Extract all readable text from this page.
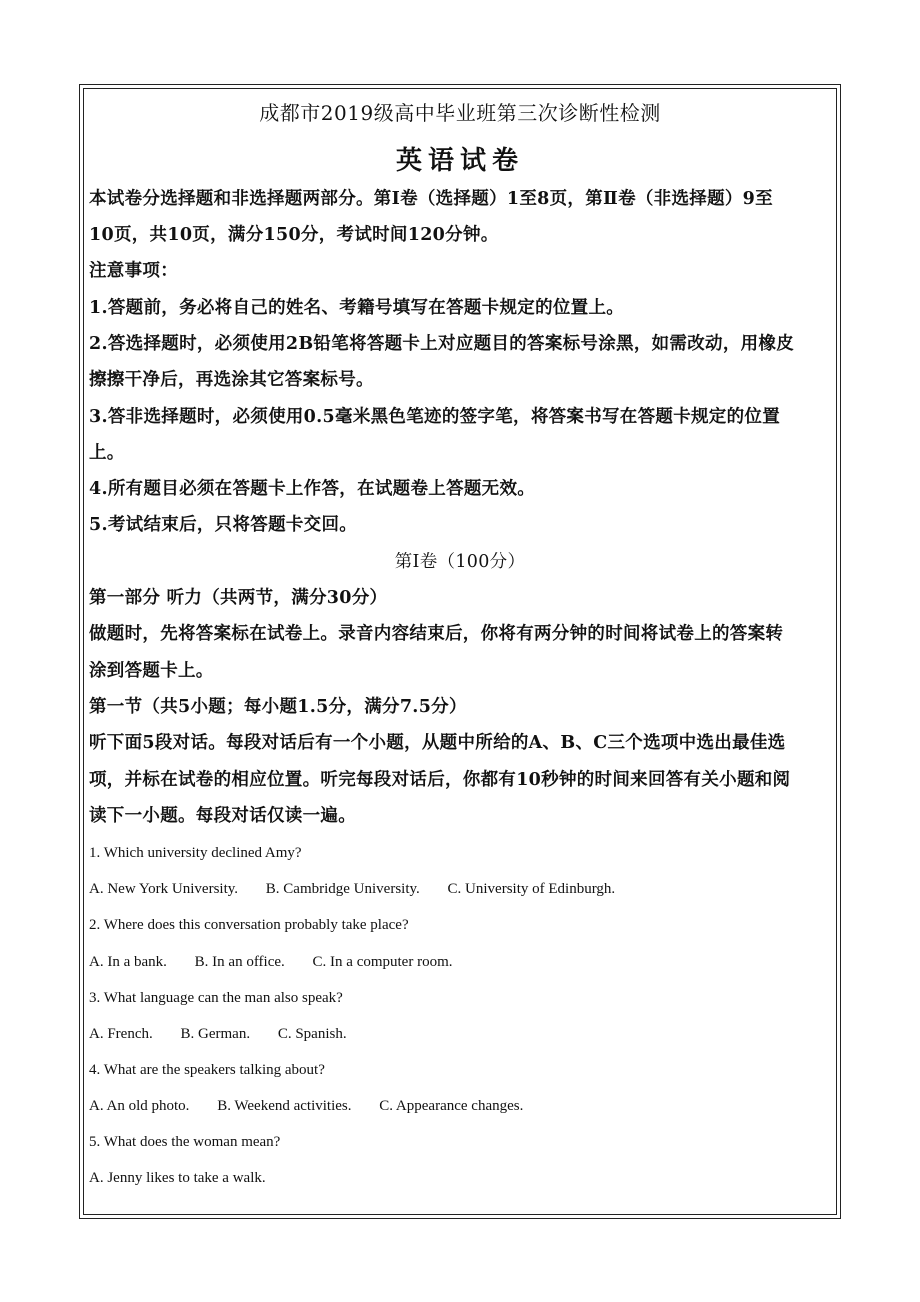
成都市2019级高中毕业班第三次诊断性检测
英语试卷
本试卷分选择题和非选择题两部分。第Ⅰ卷（选择题）1至8页，第Ⅱ卷（非选择题）9至
10页，共10页，满分150分，考试时间120分钟。
注意事项：
1.答题前，务必将自己的姓名、考籍号填写在答题卡规定的位置上。
2.答选择题时，必须使用2B铅笔将答题卡上对应题目的答案标号涂黑，如需改动，用橡皮
擦擦干净后，再选涂其它答案标号。
3.答非选择题时，必须使用0.5毫米黑色笔迹的签字笔，将答案书写在答题卡规定的位置
上。
4.所有题目必须在答题卡上作答，在试题卷上答题无效。
5.考试结束后，只将答题卡交回。
第Ⅰ卷（100分）
第一部分 听力（共两节，满分30分）
做题时，先将答案标在试卷上。录音内容结束后，你将有两分钟的时间将试卷上的答案转
涂到答题卡上。
第一节（共5小题；每小题1.5分，满分7.5分）
听下面5段对话。每段对话后有一个小题，从题中所给的A、B、C三个选项中选出最佳选
项，并标在试卷的相应位置。听完每段对话后，你都有10秒钟的时间来回答有关小题和阅
读下一小题。每段对话仅读一遍。
1. Which university declined Amy?
A. New York University. B. Cambridge University. C. University of Edinburgh.
2. Where does this conversation probably take place?
A. In a bank. B. In an office. C. In a computer room.
3. What language can the man also speak?
A. French. B. German. C. Spanish.
4. What are the speakers talking about?
A. An old photo. B. Weekend activities. C. Appearance changes.
5. What does the woman mean?
A. Jenny likes to take a walk.
